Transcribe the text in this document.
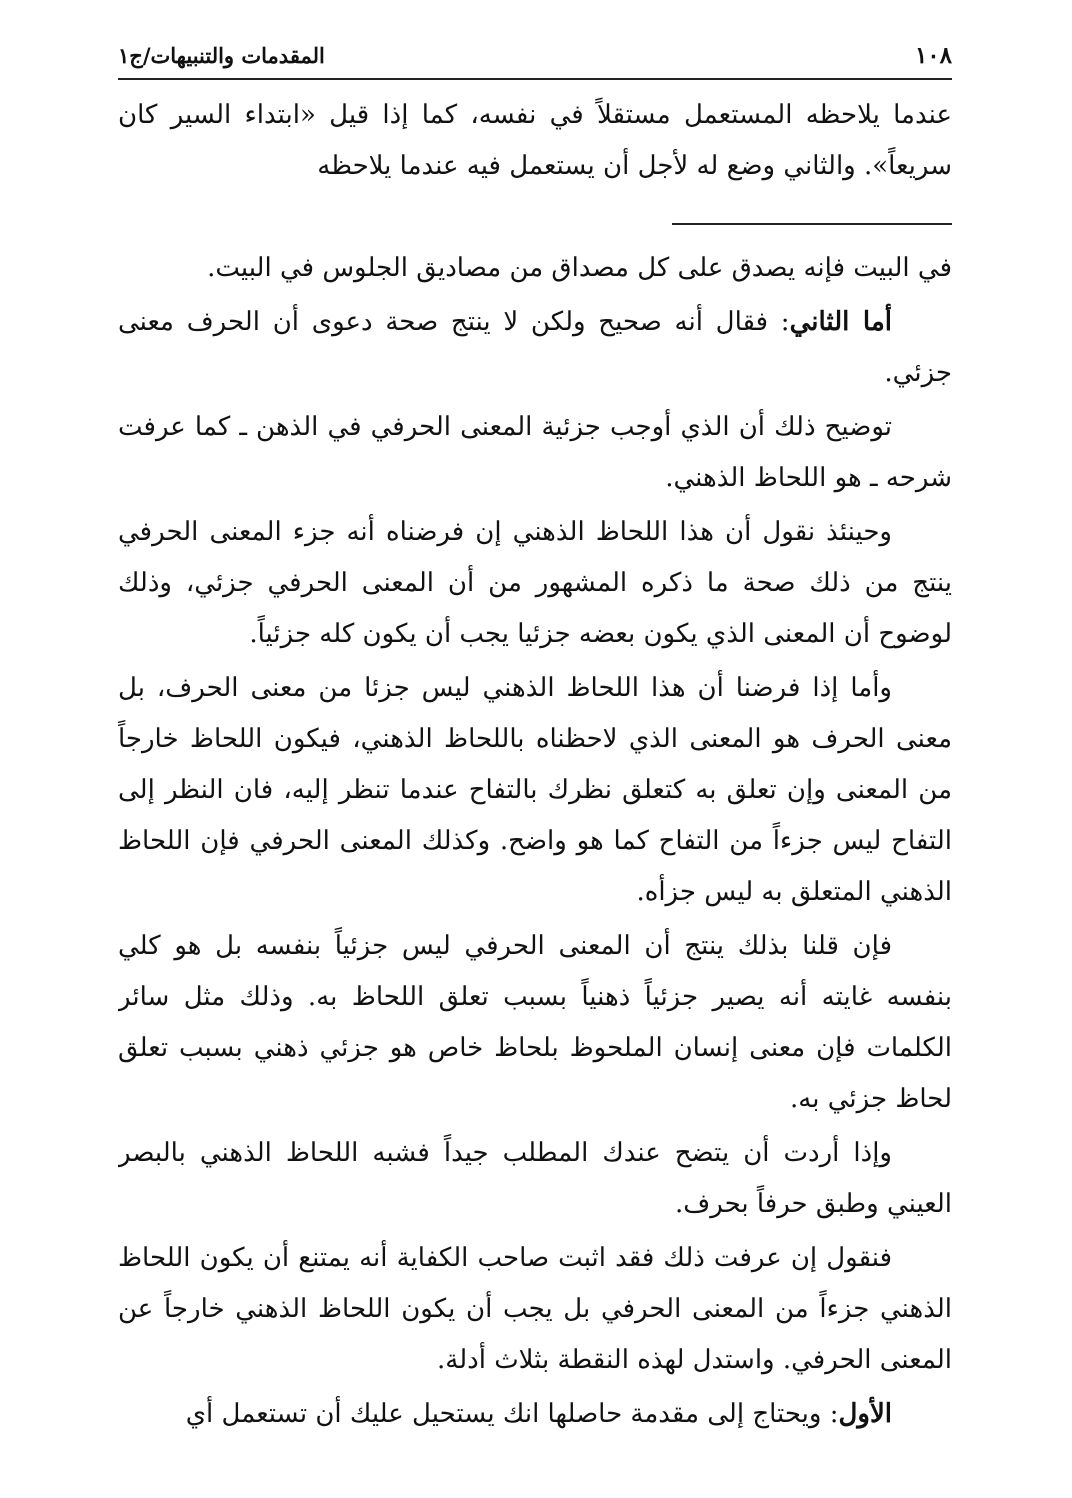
١٠٨
المقدمات والتنبيهات/ج١

عندما يلاحظه المستعمل مستقلاً في نفسه، كما إذا قيل «ابتداء السير كان سريعاً». والثاني وضع له لأجل أن يستعمل فيه عندما يلاحظه

في البيت فإنه يصدق على كل مصداق من مصاديق الجلوس في البيت.

أما الثاني: فقال أنه صحيح ولكن لا ينتج صحة دعوى أن الحرف معنى جزئي.

توضيح ذلك أن الذي أوجب جزئية المعنى الحرفي في الذهن ـ كما عرفت شرحه ـ هو اللحاظ الذهني.

وحينئذ نقول أن هذا اللحاظ الذهني إن فرضناه أنه جزء المعنى الحرفي ينتج من ذلك صحة ما ذكره المشهور من أن المعنى الحرفي جزئي، وذلك لوضوح أن المعنى الذي يكون بعضه جزئيا يجب أن يكون كله جزئياً.

وأما إذا فرضنا أن هذا اللحاظ الذهني ليس جزئا من معنى الحرف، بل معنى الحرف هو المعنى الذي لاحظناه باللحاظ الذهني، فيكون اللحاظ خارجاً من المعنى وإن تعلق به كتعلق نظرك بالتفاح عندما تنظر إليه، فان النظر إلى التفاح ليس جزءاً من التفاح كما هو واضح. وكذلك المعنى الحرفي فإن اللحاظ الذهني المتعلق به ليس جزأه.

فإن قلنا بذلك ينتج أن المعنى الحرفي ليس جزئياً بنفسه بل هو كلي بنفسه غايته أنه يصير جزئياً ذهنياً بسبب تعلق اللحاظ به. وذلك مثل سائر الكلمات فإن معنى إنسان الملحوظ بلحاظ خاص هو جزئي ذهني بسبب تعلق لحاظ جزئي به.

وإذا أردت أن يتضح عندك المطلب جيداً فشبه اللحاظ الذهني بالبصر العيني وطبق حرفاً بحرف.

فنقول إن عرفت ذلك فقد اثبت صاحب الكفاية أنه يمتنع أن يكون اللحاظ الذهني جزءاً من المعنى الحرفي بل يجب أن يكون اللحاظ الذهني خارجاً عن المعنى الحرفي. واستدل لهذه النقطة بثلاث أدلة.

الأول: ويحتاج إلى مقدمة حاصلها انك يستحيل عليك أن تستعمل أي
